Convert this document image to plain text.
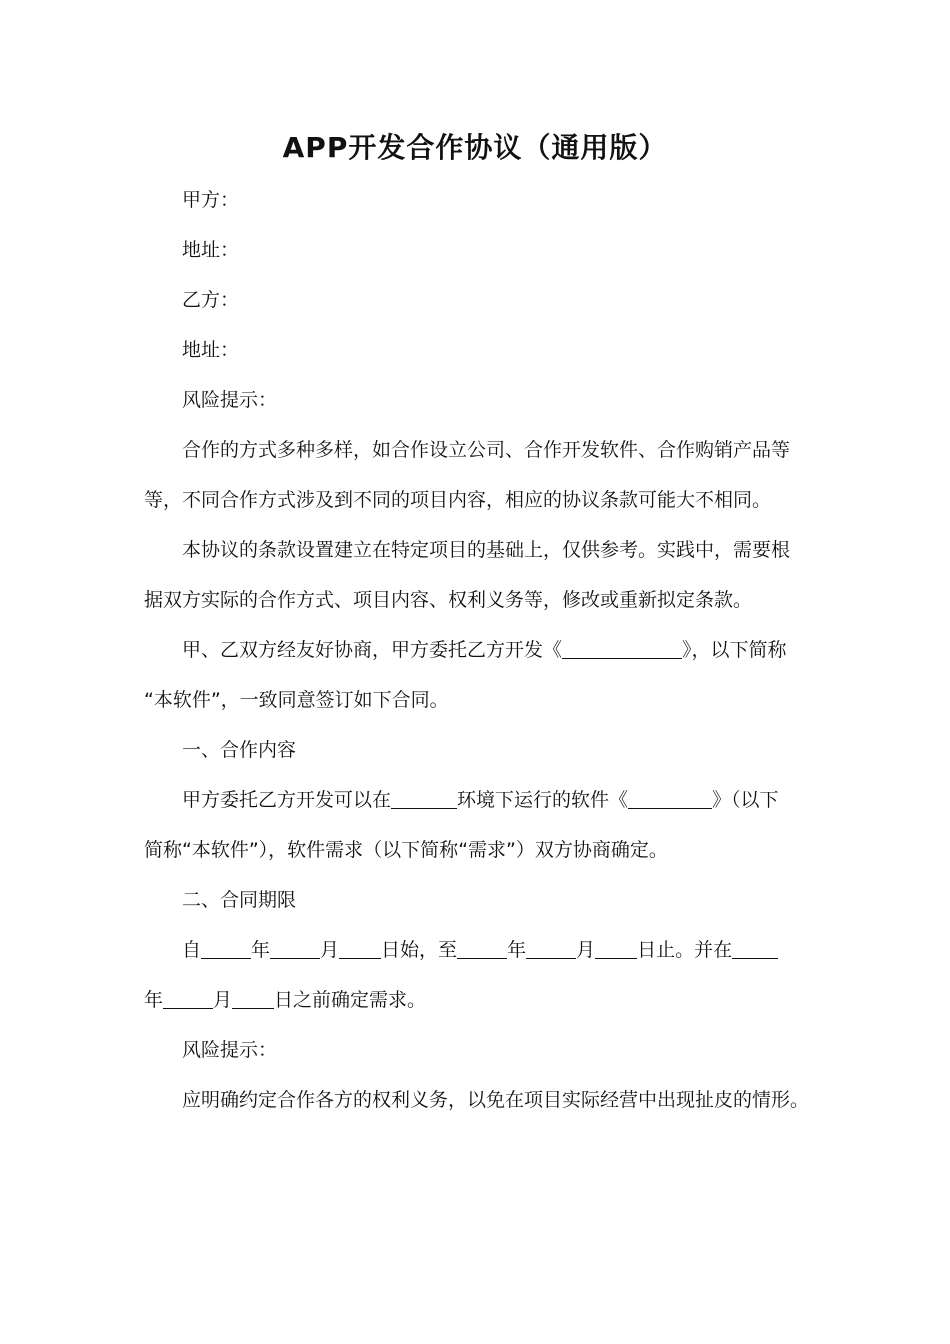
APP开发合作协议（通用版）
甲方：
地址：
乙方：
地址：
风险提示：
合作的方式多种多样，如合作设立公司、合作开发软件、合作购销产品等
等，不同合作方式涉及到不同的项目内容，相应的协议条款可能大不相同。
本协议的条款设置建立在特定项目的基础上，仅供参考。实践中，需要根
据双方实际的合作方式、项目内容、权利义务等，修改或重新拟定条款。
甲、乙双方经友好协商，甲方委托乙方开发《	》，以下简称
“本软件”，一致同意签订如下合同。
一、合作内容
甲方委托乙方开发可以在	环境下运行的软件《	》（以下
简称“本软件”），软件需求（以下简称“需求”）双方协商确定。
二、合同期限
自	年	月 日始，至	年	月 日止。并在
年	月 日之前确定需求。
风险提示：
应明确约定合作各方的权利义务，以免在项目实际经营中出现扯皮的情形。
